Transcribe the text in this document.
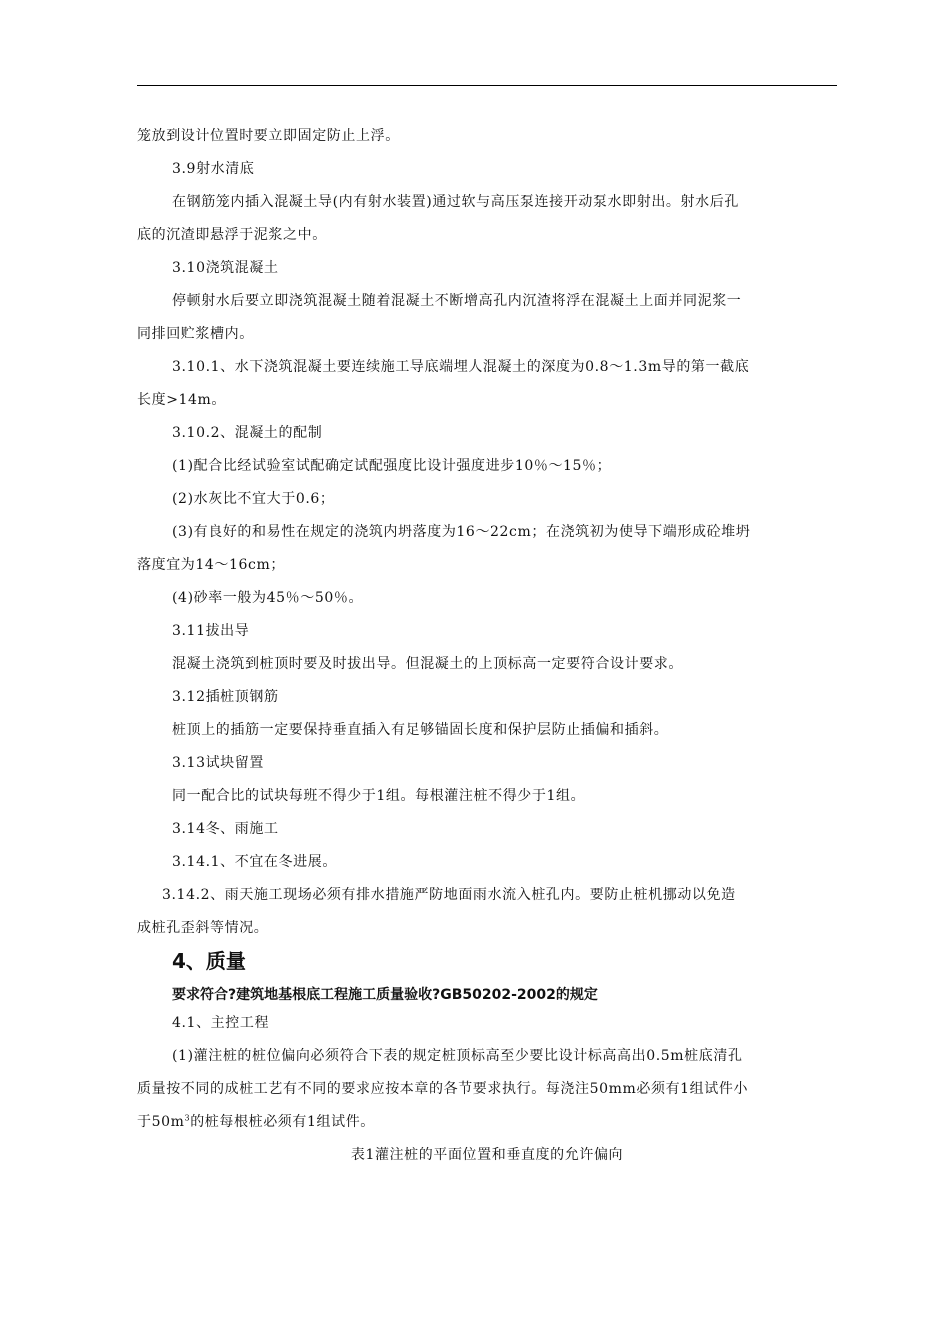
笼放到设计位置时要立即固定防止上浮。
3.9射水清底
在钢筋笼内插入混凝土导(内有射水装置)通过软与高压泵连接开动泵水即射出。射水后孔
底的沉渣即悬浮于泥浆之中。
3.10浇筑混凝土
停顿射水后要立即浇筑混凝土随着混凝土不断增高孔内沉渣将浮在混凝土上面并同泥浆一
同排回贮浆槽内。
3.10.1、水下浇筑混凝土要连续施工导底端埋人混凝土的深度为0.8～1.3m导的第一截底
长度>14m。
3.10.2、混凝土的配制
(1)配合比经试验室试配确定试配强度比设计强度进步10％～15％；
(2)水灰比不宜大于0.6；
(3)有良好的和易性在规定的浇筑内坍落度为16～22cm；在浇筑初为使导下端形成砼堆坍
落度宜为14～16cm；
(4)砂率一般为45％～50％。
3.11拔出导
混凝土浇筑到桩顶时要及时拔出导。但混凝土的上顶标高一定要符合设计要求。
3.12插桩顶钢筋
桩顶上的插筋一定要保持垂直插入有足够锚固长度和保护层防止插偏和插斜。
3.13试块留置
同一配合比的试块每班不得少于1组。每根灌注桩不得少于1组。
3.14冬、雨施工
3.14.1、不宜在冬进展。
3.14.2、雨天施工现场必须有排水措施严防地面雨水流入桩孔内。要防止桩机挪动以免造
成桩孔歪斜等情况。
4、质量
要求符合?建筑地基根底工程施工质量验收?GB50202-2002的规定
4.1、主控工程
(1)灌注桩的桩位偏向必须符合下表的规定桩顶标高至少要比设计标高高出0.5m桩底清孔
质量按不同的成桩工艺有不同的要求应按本章的各节要求执行。每浇注50mm必须有1组试件小
于$50m^3$的桩每根桩必须有1组试件。
表1灌注桩的平面位置和垂直度的允许偏向
